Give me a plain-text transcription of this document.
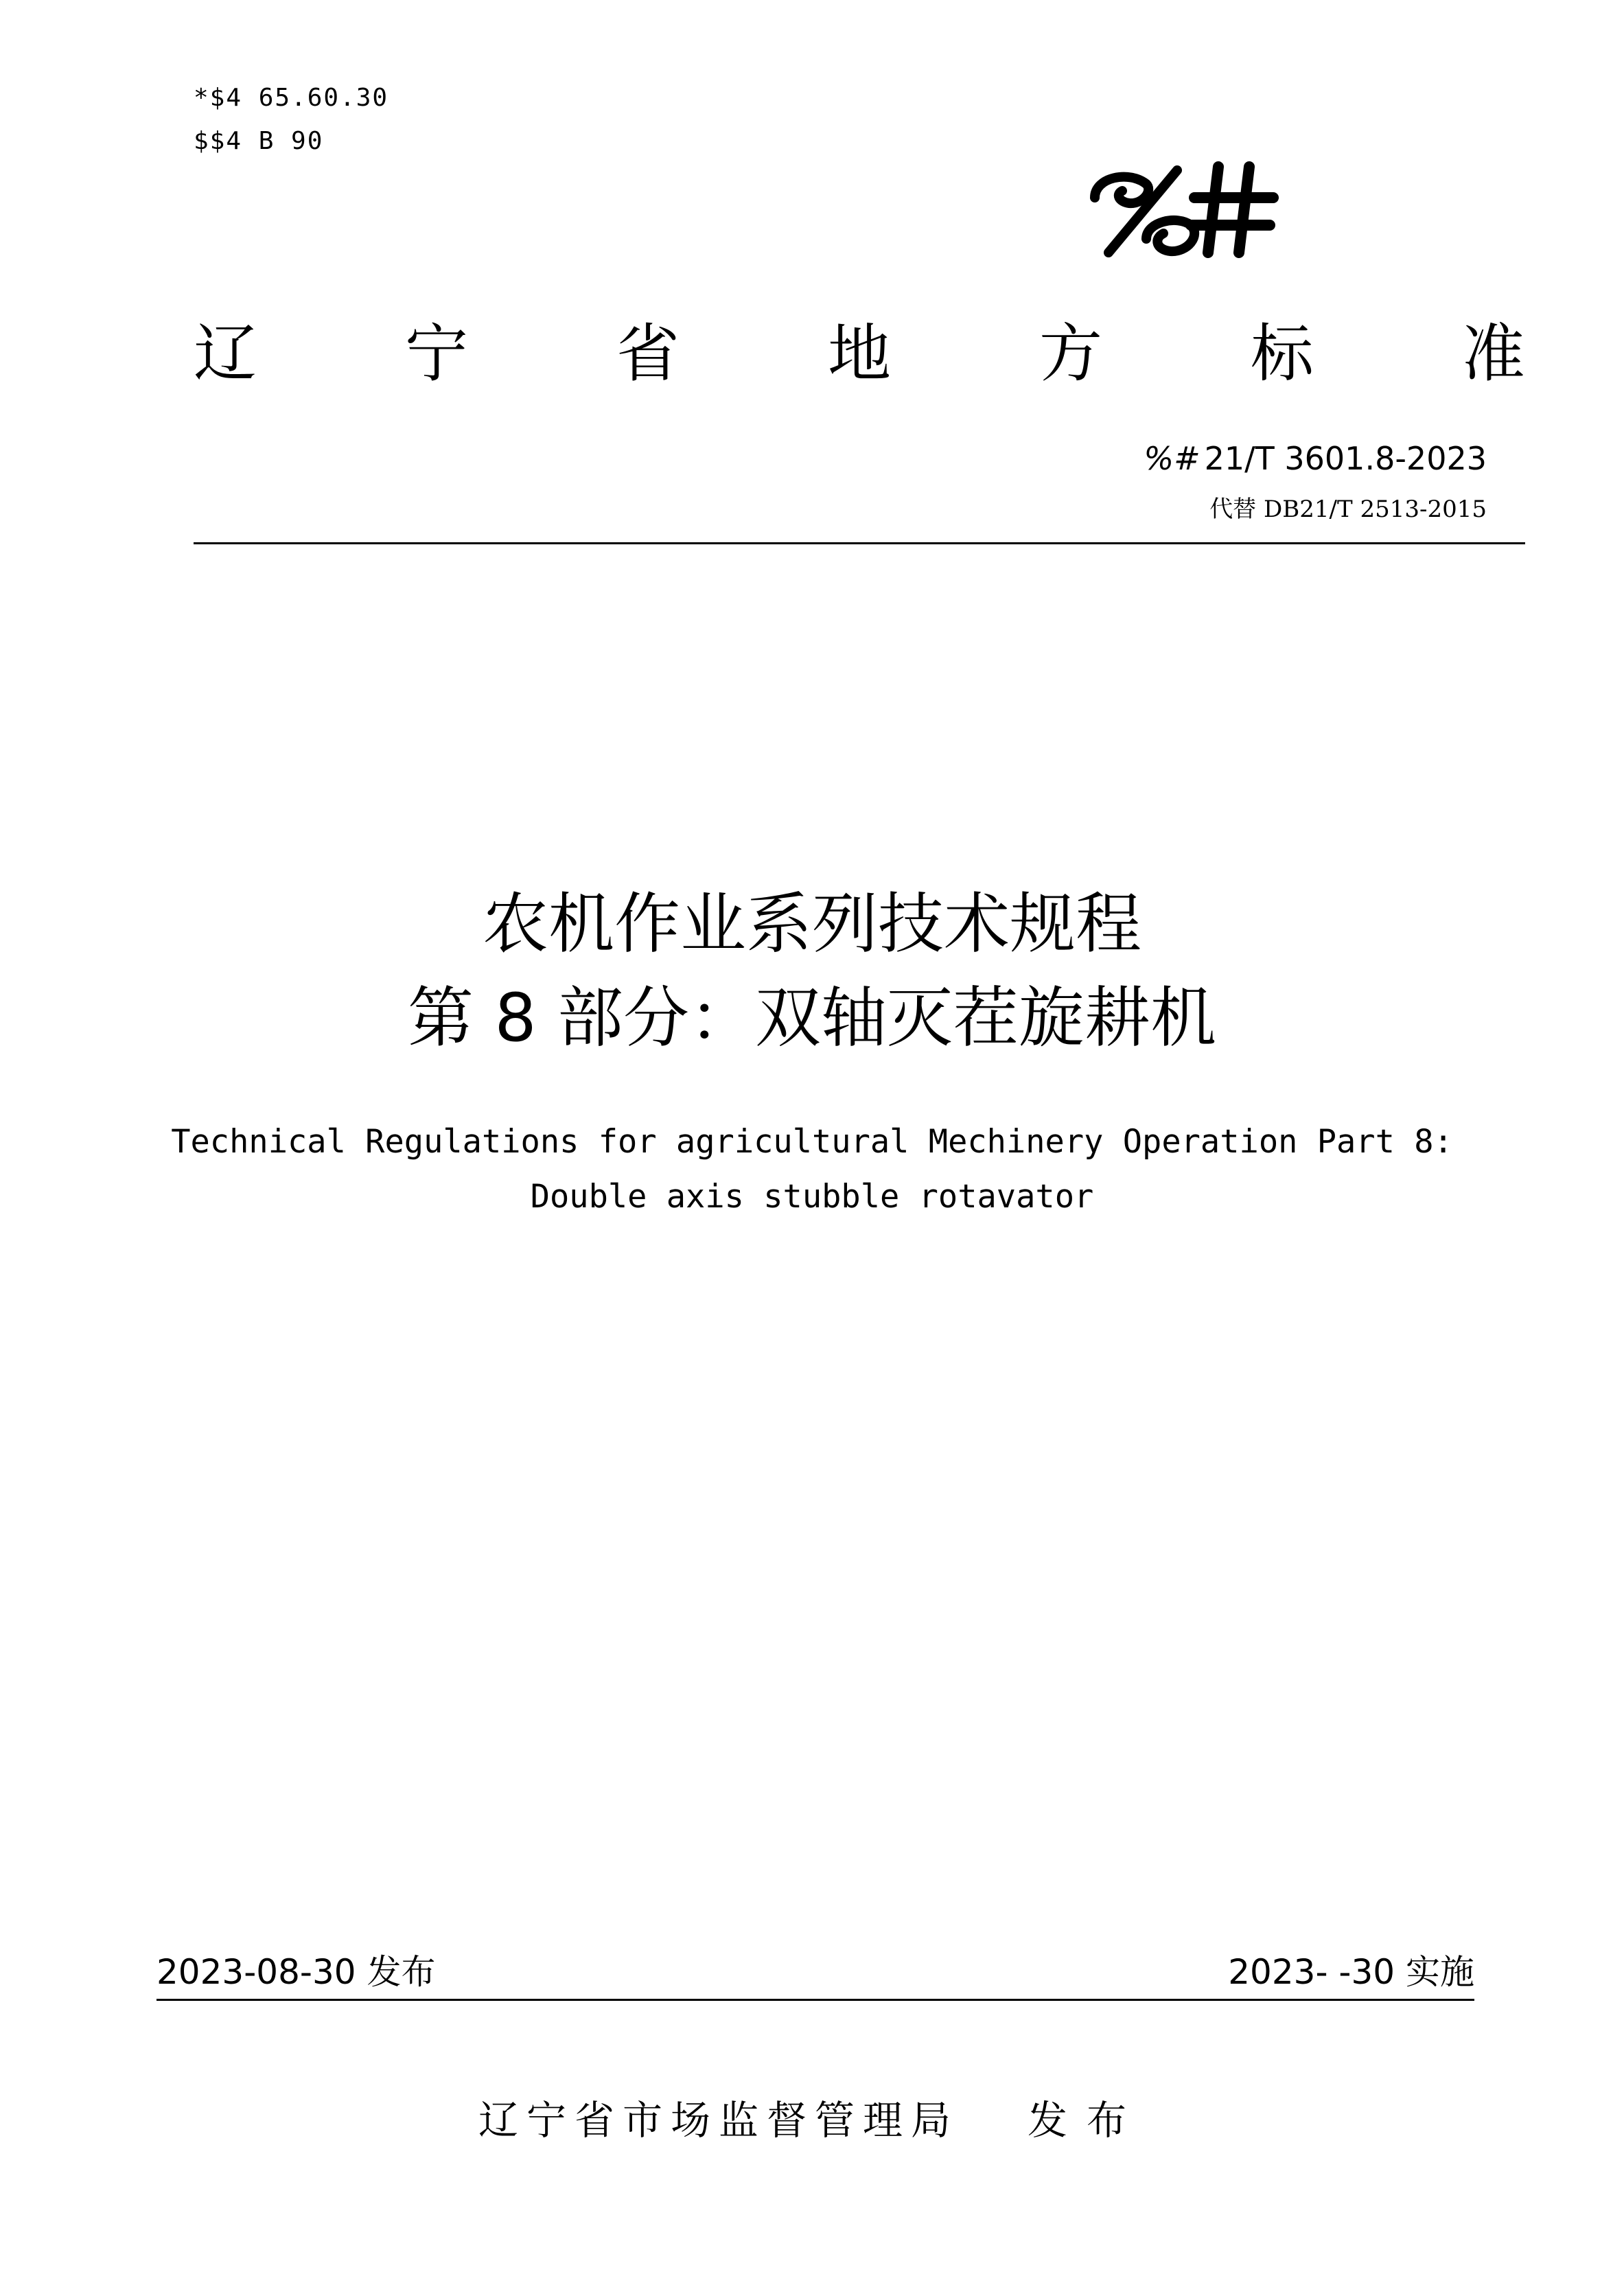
*$4 65.60.30
$$4 B 90
辽 宁 省 地 方 标 准
%# 21/T 3601.8-2023
代替 DB21/T 2513-2015
农机作业系列技术规程
第 8 部分：双轴灭茬旋耕机
Technical Regulations for agricultural Mechinery Operation Part 8:
Double axis stubble rotavator
2023-08-30 发布	2023- -30 实施
辽宁省市场监督管理局 发布
